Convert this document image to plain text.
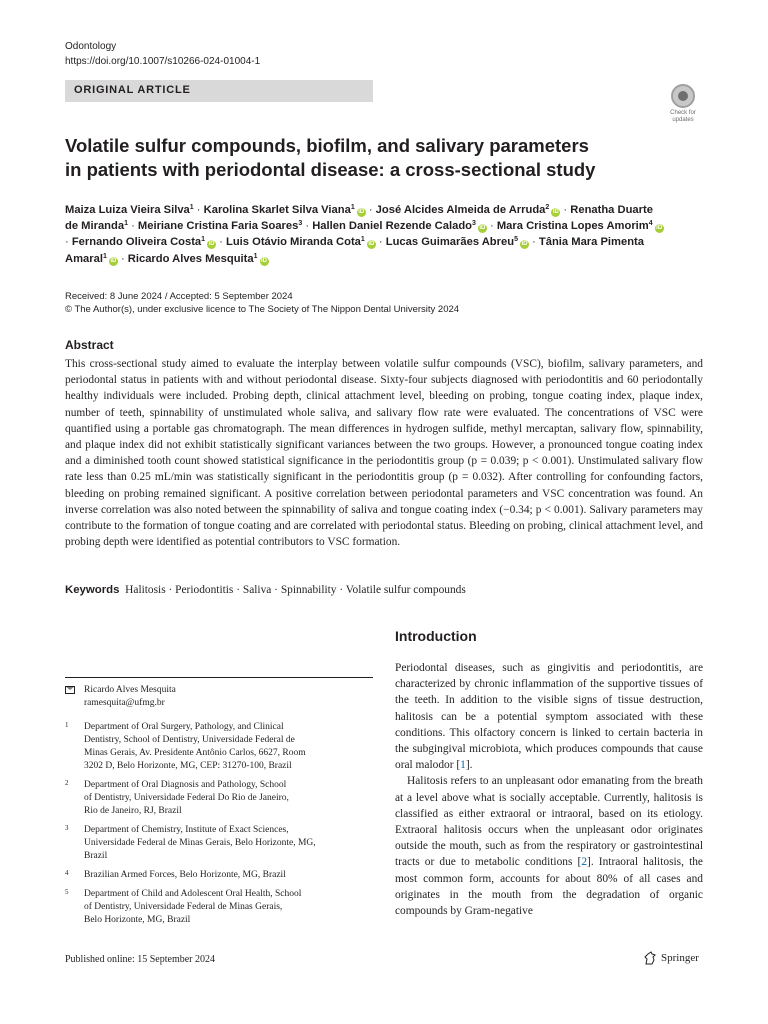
Odontology
https://doi.org/10.1007/s10266-024-01004-1
ORIGINAL ARTICLE
Check for
updates
Volatile sulfur compounds, biofilm, and salivary parameters
in patients with periodontal disease: a cross-sectional study
Maiza Luiza Vieira Silva$^1$ · Karolina Skarlet Silva Viana$^1$iD · José Alcides Almeida de Arruda$^2$iD · Renatha Duarte de Miranda$^1$ · Meiriane Cristina Faria Soares$^3$ · Hallen Daniel Rezende Calado$^3$iD · Mara Cristina Lopes Amorim$^4$iD · Fernando Oliveira Costa$^1$iD · Luis Otávio Miranda Cota$^1$iD · Lucas Guimarães Abreu$^5$iD · Tânia Mara Pimenta Amaral$^1$iD · Ricardo Alves Mesquita$^1$iD
Received: 8 June 2024 / Accepted: 5 September 2024
© The Author(s), under exclusive licence to The Society of The Nippon Dental University 2024
Abstract
This cross-sectional study aimed to evaluate the interplay between volatile sulfur compounds (VSC), biofilm, salivary parameters, and periodontal status in patients with and without periodontal disease. Sixty-four subjects diagnosed with periodontitis and 60 periodontally healthy individuals were included. Probing depth, clinical attachment level, bleeding on probing, tongue coating index, plaque index, number of teeth, spinnability of unstimulated whole saliva, and salivary flow rate were evaluated. The concentrations of VSC were quantified using a portable gas chromatograph. The mean differences in hydrogen sulfide, methyl mercaptan, salivary flow, spinnability, and plaque index did not exhibit statistically significant variances between the two groups. However, a pronounced tongue coating index and a diminished tooth count showed statistical significance in the periodontitis group (p = 0.039; p < 0.001). Unstimulated salivary flow rate less than 0.25 mL/min was statistically significant in the periodontitis group (p = 0.032). After controlling for confounding factors, bleeding on probing remained significant. A positive correlation between periodontal parameters and VSC concentration was found. An inverse correlation was also noted between the spinnability of saliva and tongue coating index (−0.34; p < 0.001). Salivary parameters may contribute to the formation of tongue coating and are correlated with periodontal status. Bleeding on probing, clinical attachment level, and probing depth were identified as potential contributors to VSC formation.
Keywords Halitosis · Periodontitis · Saliva · Spinnability · Volatile sulfur compounds
Introduction

Periodontal diseases, such as gingivitis and periodontitis, are characterized by chronic inflammation of the supportive tissues of the teeth. In addition to the visible signs of tissue destruction, halitosis can be a potential symptom associated with these conditions. This olfactory concern is linked to certain bacteria in the subgingival microbiota, which produces compounds that cause oral malodor [1].

Halitosis refers to an unpleasant odor emanating from the breath at a level above what is socially acceptable. Currently, halitosis is classified as either extraoral or intraoral, based on its etiology. Extraoral halitosis occurs when the unpleasant odor originates outside the mouth, such as from the respiratory or gastrointestinal tracts or due to metabolic conditions [2]. Intraoral halitosis, the most common form, accounts for about 80% of all cases and originates in the mouth from the degradation of organic compounds by Gram-negative

Ricardo Alves Mesquita
ramesquita@ufmg.br
1 Department of Oral Surgery, Pathology, and Clinical
Dentistry, School of Dentistry, Universidade Federal de
Minas Gerais, Av. Presidente Antônio Carlos, 6627, Room
3202 D, Belo Horizonte, MG, CEP: 31270-100, Brazil
2 Department of Oral Diagnosis and Pathology, School
of Dentistry, Universidade Federal Do Rio de Janeiro,
Rio de Janeiro, RJ, Brazil
3 Department of Chemistry, Institute of Exact Sciences,
Universidade Federal de Minas Gerais, Belo Horizonte, MG,
Brazil
4 Brazilian Armed Forces, Belo Horizonte, MG, Brazil
5 Department of Child and Adolescent Oral Health, School
of Dentistry, Universidade Federal de Minas Gerais,
Belo Horizonte, MG, Brazil
Published online: 15 September 2024	Springer
